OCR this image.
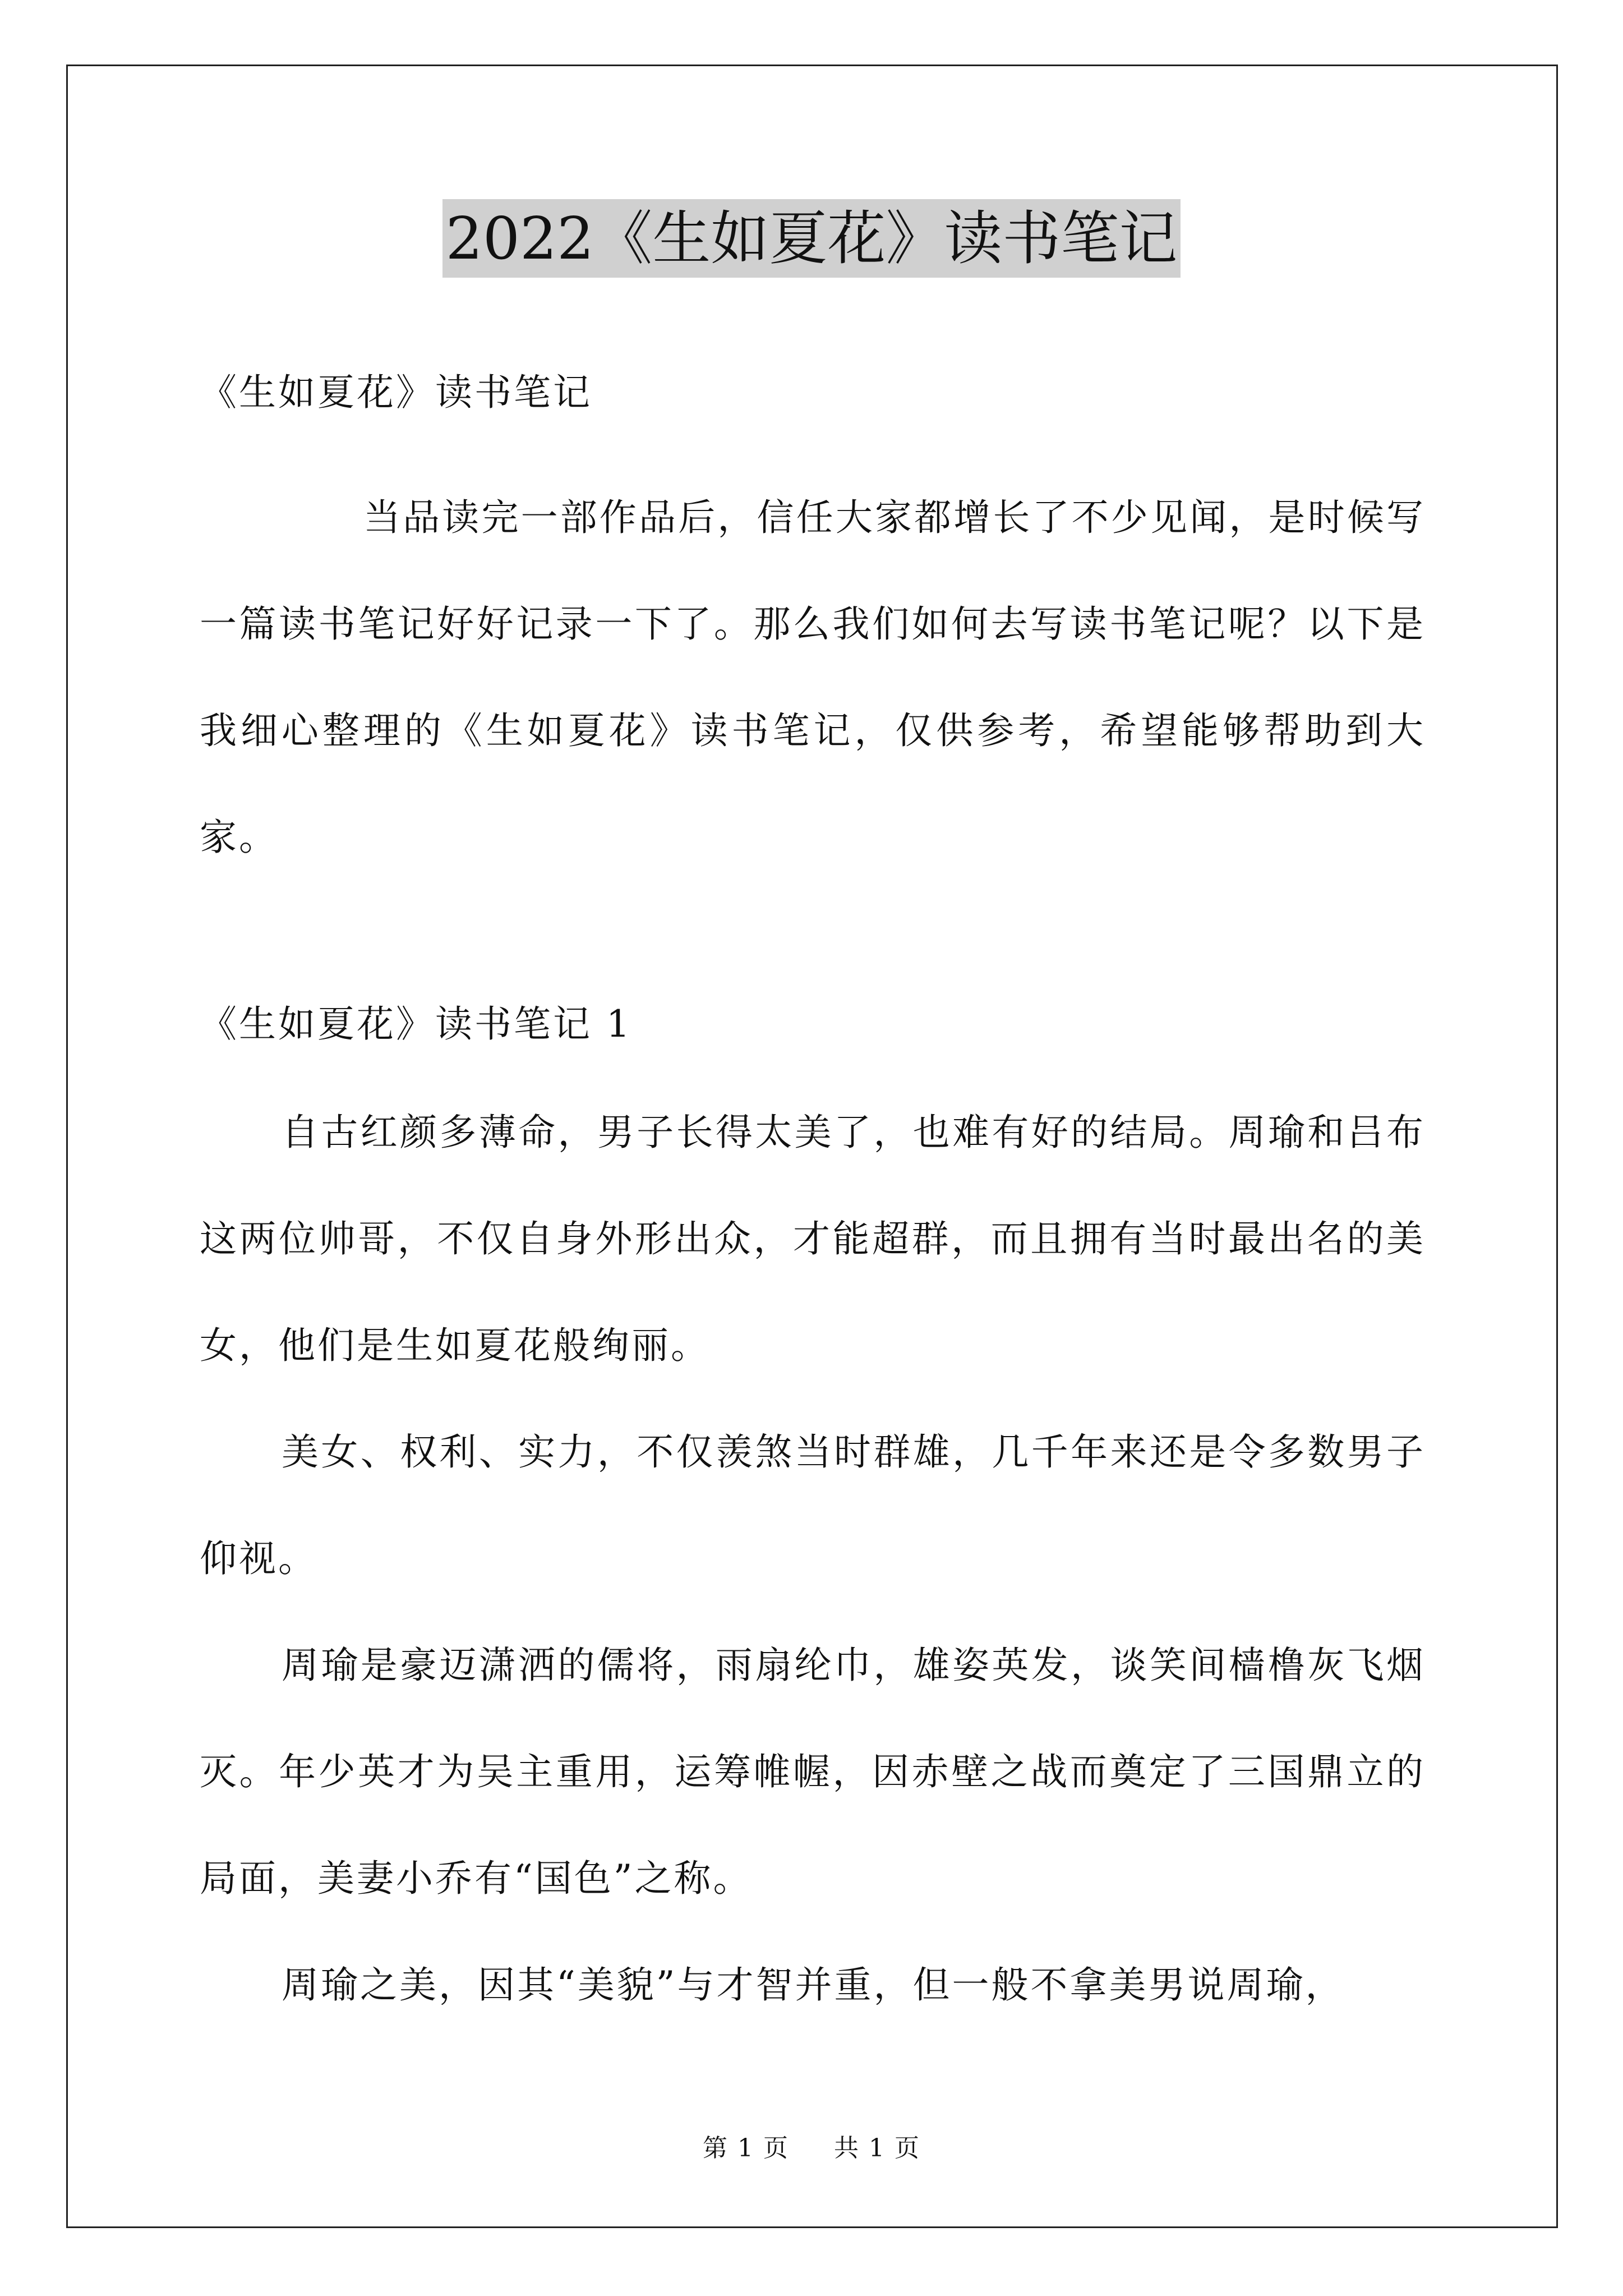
2022《生如夏花》读书笔记

《生如夏花》读书笔记

当品读完一部作品后，信任大家都增长了不少见闻，是时候写一篇读书笔记好好记录一下了。那么我们如何去写读书笔记呢？以下是我细心整理的《生如夏花》读书笔记，仅供参考，希望能够帮助到大家。

《生如夏花》读书笔记 1

自古红颜多薄命，男子长得太美了，也难有好的结局。周瑜和吕布这两位帅哥，不仅自身外形出众，才能超群，而且拥有当时最出名的美女，他们是生如夏花般绚丽。

美女、权利、实力，不仅羡煞当时群雄，几千年来还是令多数男子仰视。

周瑜是豪迈潇洒的儒将，雨扇纶巾，雄姿英发，谈笑间樯橹灰飞烟灭。年少英才为吴主重用，运筹帷幄，因赤壁之战而奠定了三国鼎立的局面，美妻小乔有“国色”之称。

周瑜之美，因其“美貌”与才智并重，但一般不拿美男说周瑜，

第 1 页 共 1 页
